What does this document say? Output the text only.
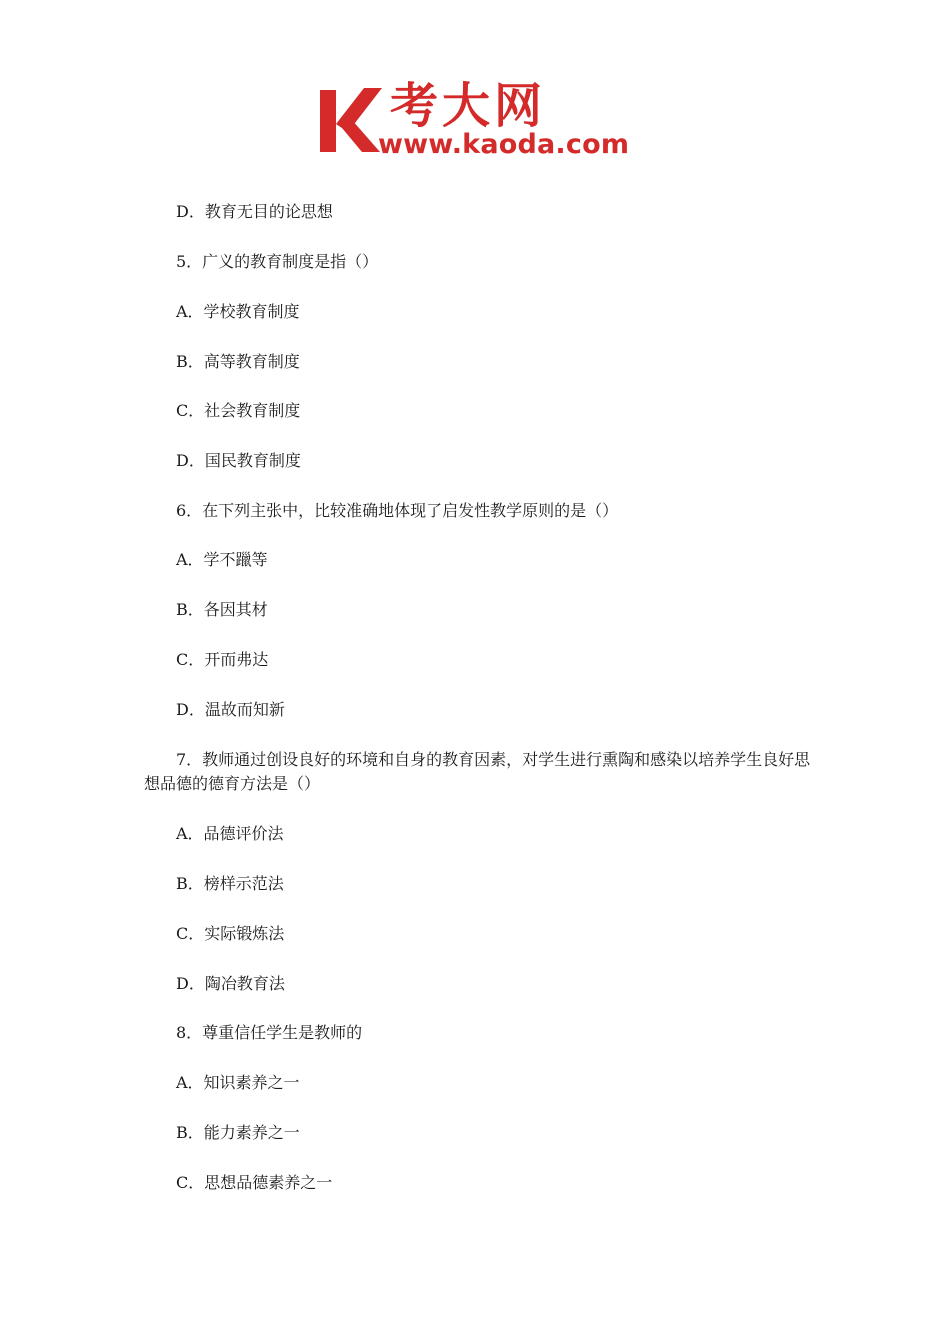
考大网
www.kaoda.com
D．教育无目的论思想
5．广义的教育制度是指（）
A．学校教育制度
B．高等教育制度
C．社会教育制度
D．国民教育制度
6．在下列主张中，比较准确地体现了启发性教学原则的是（）
A．学不躐等
B．各因其材
C．开而弗达
D．温故而知新
7．教师通过创设良好的环境和自身的教育因素，对学生进行熏陶和感染以培养学生良好思想品德的德育方法是（）
A．品德评价法
B．榜样示范法
C．实际锻炼法
D．陶冶教育法
8．尊重信任学生是教师的
A．知识素养之一
B．能力素养之一
C．思想品德素养之一
